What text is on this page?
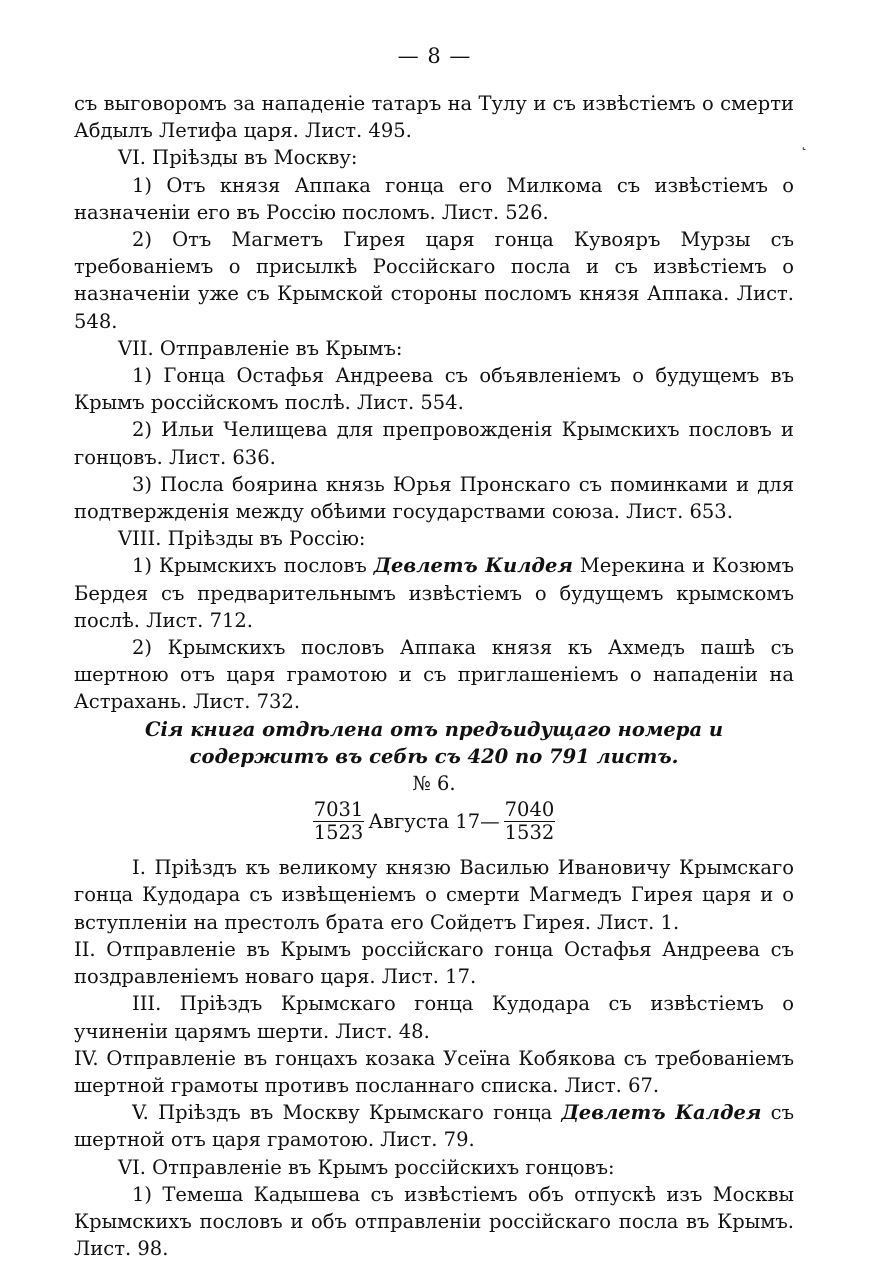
— 8 —
˛

съ выговоромъ за нападеніе татаръ на Тулу и съ извѣстіемъ о смерти Абдылъ Летифа царя. Лист. 495.

VI. Пріѣзды въ Москву:

1) Отъ князя Аппака гонца его Милкома съ извѣстіемъ о назначеніи его въ Россію посломъ. Лист. 526.

2) Отъ Магметъ Гирея царя гонца Кувояръ Мурзы съ требованіемъ о присылкѣ Россійскаго посла и съ извѣстіемъ о назначеніи уже съ Крымской стороны посломъ князя Аппака. Лист. 548.

VII. Отправленіе въ Крымъ:

1) Гонца Остафья Андреева съ объявленіемъ о будущемъ въ Крымъ россійскомъ послѣ. Лист. 554.

2) Ильи Челищева для препровожденія Крымскихъ пословъ и гонцовъ. Лист. 636.

3) Посла боярина князь Юрья Пронскаго съ поминками и для подтвержденія между обѣими государствами союза. Лист. 653.

VIII. Пріѣзды въ Россію:

1) Крымскихъ пословъ Девлетъ Килдея Мерекина и Козюмъ Бердея съ предварительнымъ извѣстіемъ о будущемъ крымскомъ послѣ. Лист. 712.

2) Крымскихъ пословъ Аппака князя къ Ахмедъ пашѣ съ шертною отъ царя грамотою и съ приглашеніемъ о нападеніи на Астрахань. Лист. 732.

Сія книга отдѣлена отъ предъидущаго номера и содержитъ въ себѣ съ 420 по 791 листъ.

№ 6.

$\frac{7031}{1523}$ Августа 17— $\frac{7040}{1532}$

I. Пріѣздъ къ великому князю Василью Ивановичу Крымскаго гонца Кудодара съ извѣщеніемъ о смерти Магмедъ Гирея царя и о вступленіи на престолъ брата его Сойдетъ Гирея. Лист. 1.

II. Отправленіе въ Крымъ россійскаго гонца Остафья Андреева съ поздравленіемъ новаго царя. Лист. 17.

III. Пріѣздъ Крымскаго гонца Кудодара съ извѣстіемъ о учиненіи царямъ шерти. Лист. 48.

IV. Отправленіе въ гонцахъ козака Усеїна Кобякова съ требованіемъ шертной грамоты противъ посланнаго списка. Лист. 67.

V. Пріѣздъ въ Москву Крымскаго гонца Девлетъ Калдея съ шертной отъ царя грамотою. Лист. 79.

VI. Отправленіе въ Крымъ россійскихъ гонцовъ:

1) Темеша Кадышева съ извѣстіемъ объ отпускѣ изъ Москвы Крымскихъ пословъ и объ отправленіи россійскаго посла въ Крымъ. Лист. 98.
